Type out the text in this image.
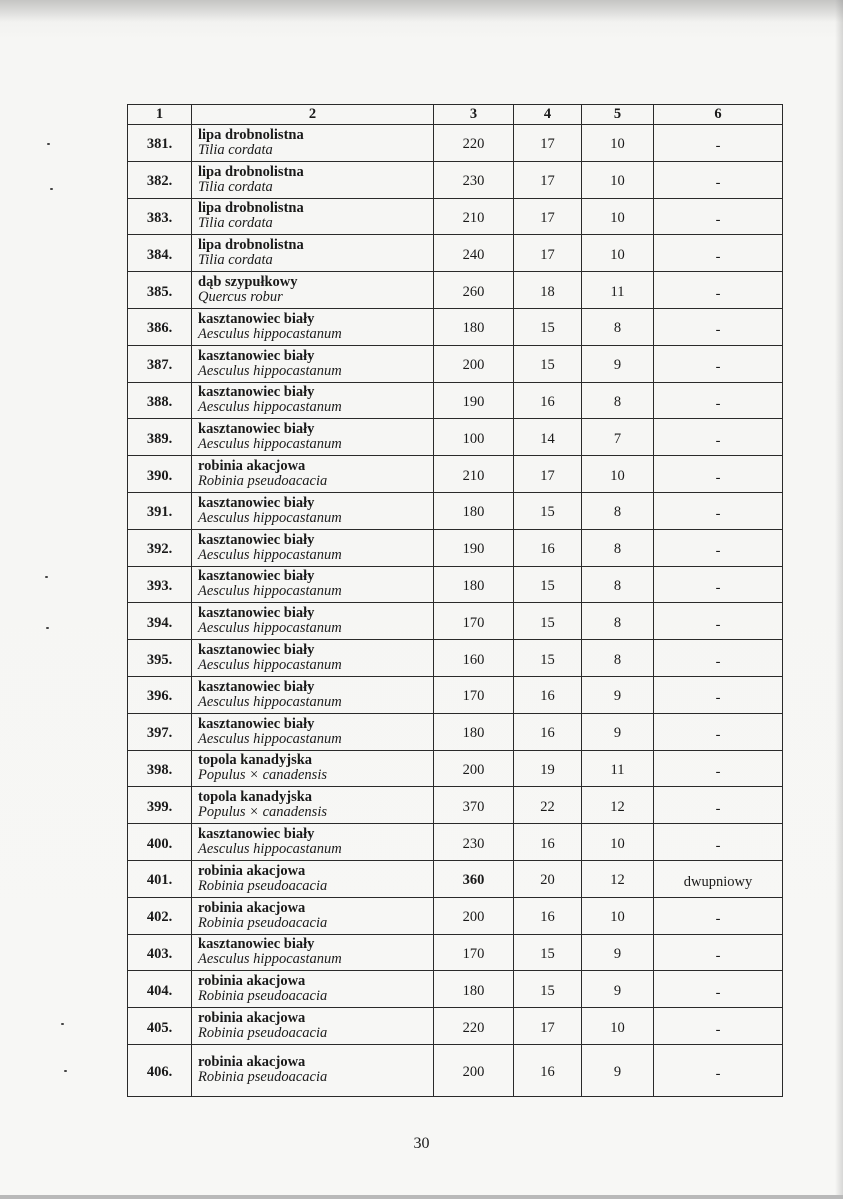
1	2	3	4	5	6
381.	lipa drobnolistna
Tilia cordata	220	17	10	-
382.	lipa drobnolistna
Tilia cordata	230	17	10	-
383.	lipa drobnolistna
Tilia cordata	210	17	10	-
384.	lipa drobnolistna
Tilia cordata	240	17	10	-
385.	dąb szypułkowy
Quercus robur	260	18	11	-
386.	kasztanowiec biały
Aesculus hippocastanum	180	15	8	-
387.	kasztanowiec biały
Aesculus hippocastanum	200	15	9	-
388.	kasztanowiec biały
Aesculus hippocastanum	190	16	8	-
389.	kasztanowiec biały
Aesculus hippocastanum	100	14	7	-
390.	robinia akacjowa
Robinia pseudoacacia	210	17	10	-
391.	kasztanowiec biały
Aesculus hippocastanum	180	15	8	-
392.	kasztanowiec biały
Aesculus hippocastanum	190	16	8	-
393.	kasztanowiec biały
Aesculus hippocastanum	180	15	8	-
394.	kasztanowiec biały
Aesculus hippocastanum	170	15	8	-
395.	kasztanowiec biały
Aesculus hippocastanum	160	15	8	-
396.	kasztanowiec biały
Aesculus hippocastanum	170	16	9	-
397.	kasztanowiec biały
Aesculus hippocastanum	180	16	9	-
398.	topola kanadyjska
Populus × canadensis	200	19	11	-
399.	topola kanadyjska
Populus × canadensis	370	22	12	-
400.	kasztanowiec biały
Aesculus hippocastanum	230	16	10	-
401.	robinia akacjowa
Robinia pseudoacacia	360	20	12	dwupniowy
402.	robinia akacjowa
Robinia pseudoacacia	200	16	10	-
403.	kasztanowiec biały
Aesculus hippocastanum	170	15	9	-
404.	robinia akacjowa
Robinia pseudoacacia	180	15	9	-
405.	robinia akacjowa
Robinia pseudoacacia	220	17	10	-
406.	robinia akacjowa
Robinia pseudoacacia	200	16	9	-
30
